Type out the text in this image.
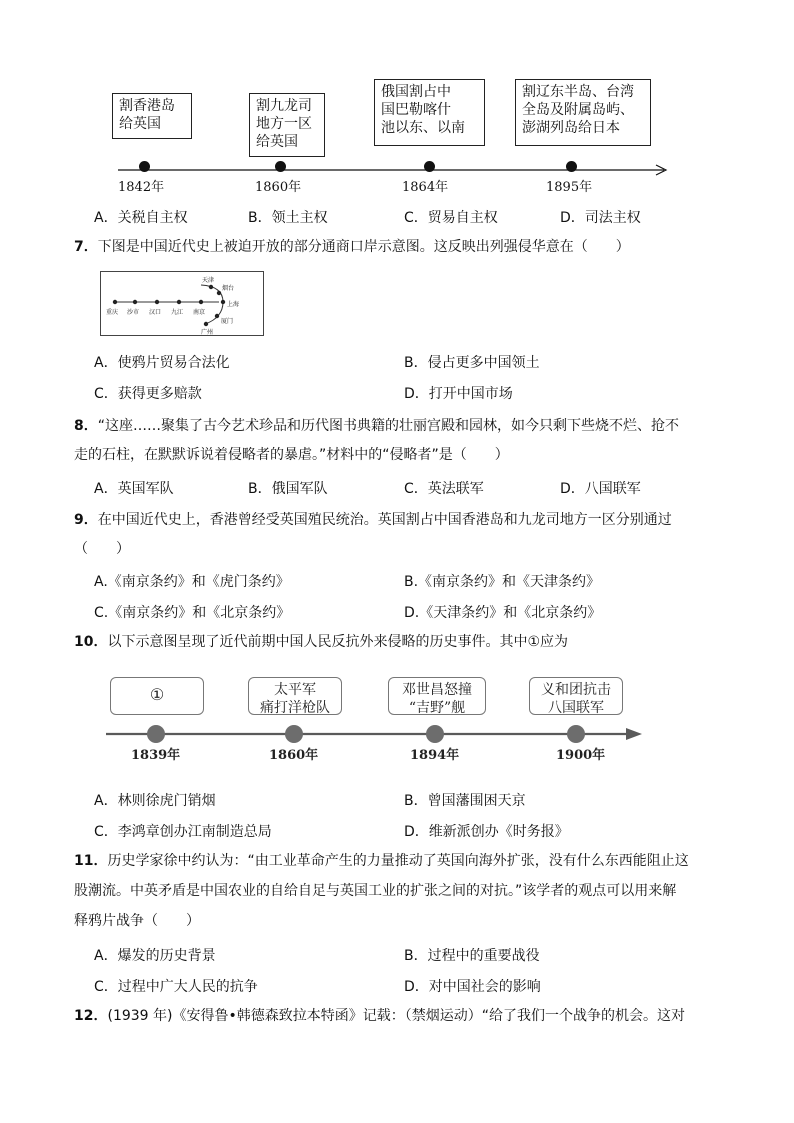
割香港岛
给英国
割九龙司
地方一区
给英国
俄国割占中
国巴勒喀什
池以东、以南
割辽东半岛、台湾
全岛及附属岛屿、
澎湖列岛给日本
1842年	1860年	1864年	1895年
A．关税自主权	B．领土主权	C．贸易自主权	D．司法主权
7．下图是中国近代史上被迫开放的部分通商口岸示意图。这反映出列强侵华意在（　　）
重庆 沙市 汉口 九江 南京
天津
烟台
上海
厦门
广州
A．使鸦片贸易合法化	B．侵占更多中国领土
C．获得更多赔款	D．打开中国市场
8．“这座……聚集了古今艺术珍品和历代图书典籍的壮丽宫殿和园林，如今只剩下些烧不烂、抢不
走的石柱，在默默诉说着侵略者的暴虐。”材料中的“侵略者”是（　　）
A．英国军队	B．俄国军队	C．英法联军	D．八国联军
9．在中国近代史上，香港曾经受英国殖民统治。英国割占中国香港岛和九龙司地方一区分别通过
（　　）
A.《南京条约》和《虎门条约》	B.《南京条约》和《天津条约》
C.《南京条约》和《北京条约》	D.《天津条约》和《北京条约》
10．以下示意图呈现了近代前期中国人民反抗外来侵略的历史事件。其中①应为
①	太平军
痛打洋枪队
邓世昌怒撞
“吉野”舰
义和团抗击
八国联军
1839年	1860年	1894年	1900年
A．林则徐虎门销烟	B．曾国藩围困天京
C．李鸿章创办江南制造总局	D．维新派创办《时务报》
11．历史学家徐中约认为：“由工业革命产生的力量推动了英国向海外扩张，没有什么东西能阻止这
股潮流。中英矛盾是中国农业的自给自足与英国工业的扩张之间的对抗。”该学者的观点可以用来解
释鸦片战争（　　）
A．爆发的历史背景	B．过程中的重要战役
C．过程中广大人民的抗争	D．对中国社会的影响
12．(1939 年)《安得鲁•韩德森致拉本特函》记载：（禁烟运动）“给了我们一个战争的机会。这对
